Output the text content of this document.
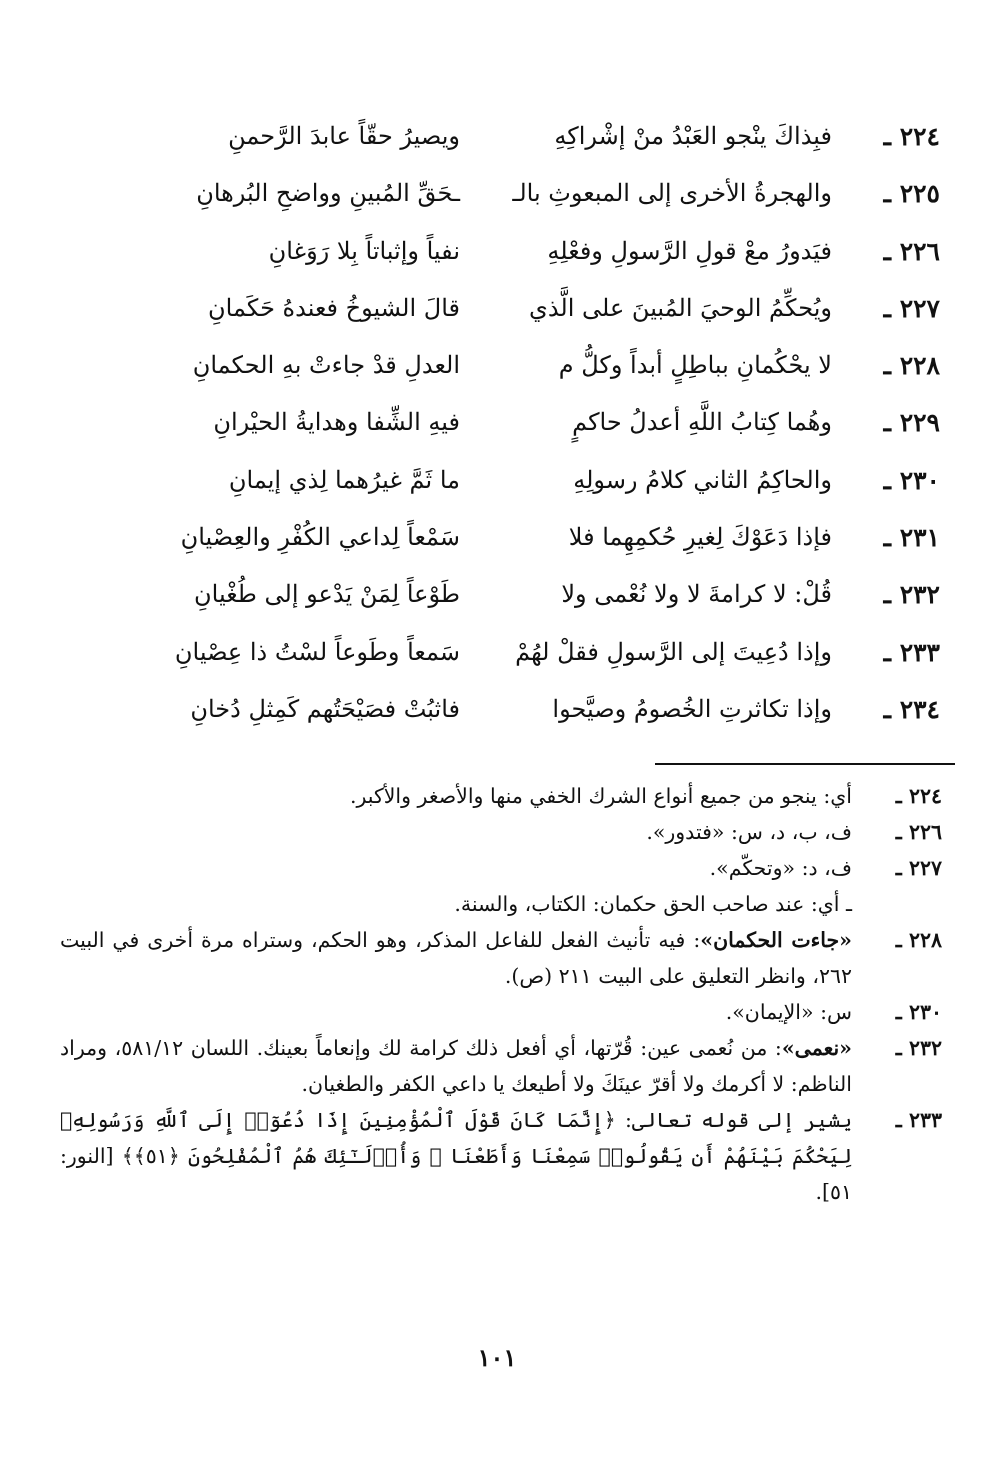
٢٢٤ ـ
فبِذاكَ ينْجو العَبْدُ منْ إشْراكِهِ
ويصيرُ حقّاً عابدَ الرَّحمنِ
٢٢٥ ـ
والهجرةُ الأخرى إلى المبعوثِ بالـ
ـحَقِّ المُبينِ وواضحِ البُرهانِ
٢٢٦ ـ
فيَدورُ معْ قولِ الرَّسولِ وفعْلِهِ
نفياً وإثباتاً بِلا رَوَغانِ
٢٢٧ ـ
ويُحكِّمُ الوحيَ المُبينَ على الَّذي
قالَ الشيوخُ فعندهُ حَكَمانِ
٢٢٨ ـ
لا يحْكُمانِ بباطِلٍ أبداً وكلُّ م
العدلِ قدْ جاءتْ بهِ الحكمانِ
٢٢٩ ـ
وهُما كِتابُ اللَّهِ أعدلُ حاكمٍ
فيهِ الشِّفا وهدايةُ الحيْرانِ
٢٣٠ ـ
والحاكِمُ الثاني كلامُ رسولِهِ
ما ثَمَّ غيرُهما لِذي إيمانِ
٢٣١ ـ
فإذا دَعَوْكَ لِغيرِ حُكمِهِما فلا
سَمْعاً لِداعي الكُفْرِ والعِصْيانِ
٢٣٢ ـ
قُلْ: لا كرامةَ لا ولا نُعْمى ولا
طَوْعاً لِمَنْ يَدْعو إلى طُغْيانِ
٢٣٣ ـ
وإذا دُعِيتَ إلى الرَّسولِ فقلْ لهُمْ
سَمعاً وطَوعاً لسْتُ ذا عِصْيانِ
٢٣٤ ـ
وإذا تكاثرتِ الخُصومُ وصيَّحوا
فاثبُتْ فصَيْحَتُهم كَمِثلِ دُخانِ
٢٢٤ ـ
أي: ينجو من جميع أنواع الشرك الخفي منها والأصغر والأكبر.
٢٢٦ ـ
ف، ب، د، س: «فتدور».
٢٢٧ ـ
ف، د: «وتحكّم».
ـ أي: عند صاحب الحق حكمان: الكتاب، والسنة.
٢٢٨ ـ
«جاءت الحكمان»: فيه تأنيث الفعل للفاعل المذكر، وهو الحكم، وستراه مرة أخرى في البيت ٢٦٢، وانظر التعليق على البيت ٢١١ (ص).
٢٣٠ ـ
س: «الإيمان».
٢٣٢ ـ
«نعمى»: من نُعمى عين: قُرّتها، أي أفعل ذلك كرامة لك وإنعاماً بعينك. اللسان ٥٨١/١٢، ومراد الناظم: لا أكرمك ولا أقرّ عينَكَ ولا أطيعك يا داعي الكفر والطغيان.
٢٣٣ ـ
يشير إلى قوله تعالى: ﴿إِنَّمَا كَانَ قَوْلَ ٱلْمُؤْمِنِينَ إِذَا دُعُوٓا۟ إِلَى ٱللَّهِ وَرَسُولِهِۦ لِيَحْكُمَ بَيْنَهُمْ أَن يَقُولُوا۟ سَمِعْنَا وَأَطَعْنَا ۚ وَأُو۟لَـٰٓئِكَ هُمُ ٱلْمُفْلِحُونَ ﴿٥١﴾﴾ [النور: ٥١].
١٠١
